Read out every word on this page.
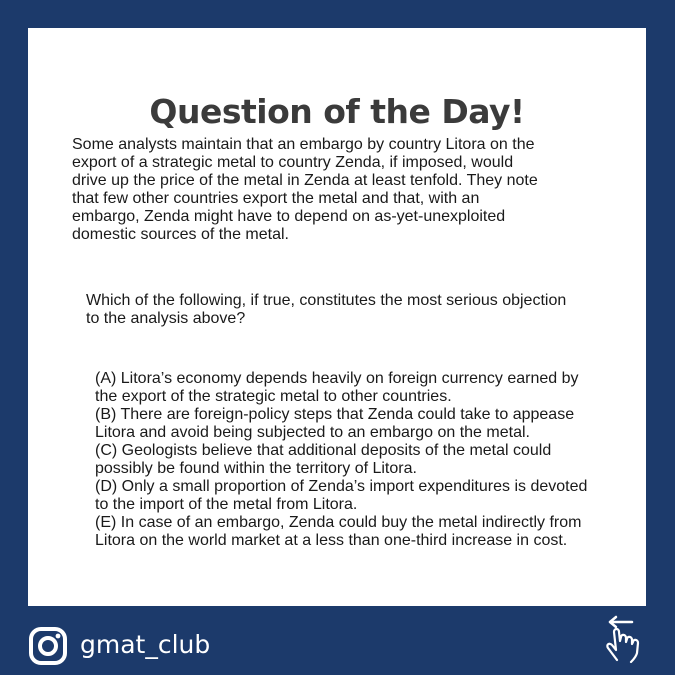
Question of the Day!

Some analysts maintain that an embargo by country Litora on the
export of a strategic metal to country Zenda, if imposed, would
drive up the price of the metal in Zenda at least tenfold. They note
that few other countries export the metal and that, with an
embargo, Zenda might have to depend on as-yet-unexploited
domestic sources of the metal.

Which of the following, if true, constitutes the most serious objection
to the analysis above?

(A) Litora’s economy depends heavily on foreign currency earned by
the export of the strategic metal to other countries.
(B) There are foreign-policy steps that Zenda could take to appease
Litora and avoid being subjected to an embargo on the metal.
(C) Geologists believe that additional deposits of the metal could
possibly be found within the territory of Litora.
(D) Only a small proportion of Zenda’s import expenditures is devoted
to the import of the metal from Litora.
(E) In case of an embargo, Zenda could buy the metal indirectly from
Litora on the world market at a less than one-third increase in cost.
gmat_club
